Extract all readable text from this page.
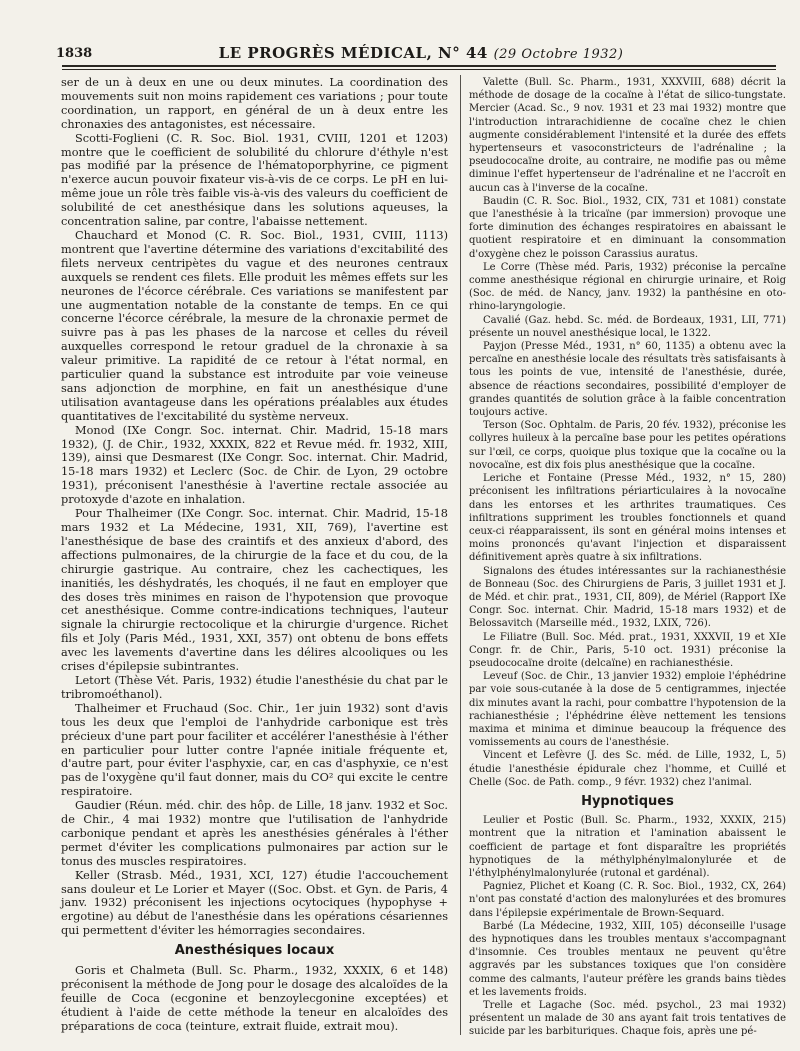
1838	LE PROGRÈS MÉDICAL, N° 44 (29 Octobre 1932)

ser de un à deux en une ou deux minutes. La coordination des mouvements suit non moins rapidement ces variations ; pour toute coordination, un rapport, en général de un à deux entre les chronaxies des antagonistes, est nécessaire.

Scotti-Foglieni (C. R. Soc. Biol. 1931, CVIII, 1201 et 1203) montre que le coefficient de solubilité du chlorure d'éthyle n'est pas modifié par la présence de l'hématoporphyrine, ce pigment n'exerce aucun pouvoir fixateur vis-à-vis de ce corps. Le pH en lui-même joue un rôle très faible vis-à-vis des valeurs du coefficient de solubilité de cet anesthésique dans les solutions aqueuses, la concentration saline, par contre, l'abaisse nettement.

Chauchard et Monod (C. R. Soc. Biol., 1931, CVIII, 1113) montrent que l'avertine détermine des variations d'excitabilité des filets nerveux centripètes du vague et des neurones centraux auxquels se rendent ces filets. Elle produit les mêmes effets sur les neurones de l'écorce cérébrale. Ces variations se manifestent par une augmentation notable de la constante de temps. En ce qui concerne l'écorce cérébrale, la mesure de la chronaxie permet de suivre pas à pas les phases de la narcose et celles du réveil auxquelles correspond le retour graduel de la chronaxie à sa valeur primitive. La rapidité de ce retour à l'état normal, en particulier quand la substance est introduite par voie veineuse sans adjonction de morphine, en fait un anesthésique d'une utilisation avantageuse dans les opérations préalables aux études quantitatives de l'excitabilité du système nerveux.

Monod (IXe Congr. Soc. internat. Chir. Madrid, 15-18 mars 1932), (J. de Chir., 1932, XXXIX, 822 et Revue méd. fr. 1932, XIII, 139), ainsi que Desmarest (IXe Congr. Soc. internat. Chir. Madrid, 15-18 mars 1932) et Leclerc (Soc. de Chir. de Lyon, 29 octobre 1931), préconisent l'anesthésie à l'avertine rectale associée au protoxyde d'azote en inhalation.

Pour Thalheimer (IXe Congr. Soc. internat. Chir. Madrid, 15-18 mars 1932 et La Médecine, 1931, XII, 769), l'avertine est l'anesthésique de base des craintifs et des anxieux d'abord, des affections pulmonaires, de la chirurgie de la face et du cou, de la chirurgie gastrique. Au contraire, chez les cachectiques, les inanitiés, les déshydratés, les choqués, il ne faut en employer que des doses très minimes en raison de l'hypotension que provoque cet anesthésique. Comme contre-indications techniques, l'auteur signale la chirurgie rectocolique et la chirurgie d'urgence. Richet fils et Joly (Paris Méd., 1931, XXI, 357) ont obtenu de bons effets avec les lavements d'avertine dans les délires alcooliques ou les crises d'épilepsie subintrantes.

Letort (Thèse Vét. Paris, 1932) étudie l'anesthésie du chat par le tribromoéthanol).

Thalheimer et Fruchaud (Soc. Chir., 1er juin 1932) sont d'avis tous les deux que l'emploi de l'anhydride carbonique est très précieux d'une part pour faciliter et accélérer l'anesthésie à l'éther en particulier pour lutter contre l'apnée initiale fréquente et, d'autre part, pour éviter l'asphyxie, car, en cas d'asphyxie, ce n'est pas de l'oxygène qu'il faut donner, mais du CO² qui excite le centre respiratoire.

Gaudier (Réun. méd. chir. des hôp. de Lille, 18 janv. 1932 et Soc. de Chir., 4 mai 1932) montre que l'utilisation de l'anhydride carbonique pendant et après les anesthésies générales à l'éther permet d'éviter les complications pulmonaires par action sur le tonus des muscles respiratoires.

Keller (Strasb. Méd., 1931, XCI, 127) étudie l'accouchement sans douleur et Le Lorier et Mayer ((Soc. Obst. et Gyn. de Paris, 4 janv. 1932) préconisent les injections ocytociques (hypophyse + ergotine) au début de l'anesthésie dans les opérations césariennes qui permettent d'éviter les hémorragies secondaires.

Anesthésiques locaux

Goris et Chalmeta (Bull. Sc. Pharm., 1932, XXXIX, 6 et 148) préconisent la méthode de Jong pour le dosage des alcaloïdes de la feuille de Coca (ecgonine et benzoylecgonine exceptées) et étudient à l'aide de cette méthode la teneur en alcaloïdes des préparations de coca (teinture, extrait fluide, extrait mou).

Valette (Bull. Sc. Pharm., 1931, XXXVIII, 688) décrit la méthode de dosage de la cocaïne à l'état de silico-tungstate. Mercier (Acad. Sc., 9 nov. 1931 et 23 mai 1932) montre que l'introduction intrarachidienne de cocaïne chez le chien augmente considérablement l'intensité et la durée des effets hypertenseurs et vasoconstricteurs de l'adrénaline ; la pseudococaïne droite, au contraire, ne modifie pas ou même diminue l'effet hypertenseur de l'adrénaline et ne l'accroît en aucun cas à l'inverse de la cocaïne.

Baudin (C. R. Soc. Biol., 1932, CIX, 731 et 1081) constate que l'anesthésie à la tricaïne (par immersion) provoque une forte diminution des échanges respiratoires en abaissant le quotient respiratoire et en diminuant la consommation d'oxygène chez le poisson Carassius auratus.

Le Corre (Thèse méd. Paris, 1932) préconise la percaïne comme anesthésique régional en chirurgie urinaire, et Roig (Soc. de méd. de Nancy, janv. 1932) la panthésine en oto-rhino-laryngologie.

Cavalié (Gaz. hebd. Sc. méd. de Bordeaux, 1931, LII, 771) présente un nouvel anesthésique local, le 1322.

Payjon (Presse Méd., 1931, n° 60, 1135) a obtenu avec la percaïne en anesthésie locale des résultats très satisfaisants à tous les points de vue, intensité de l'anesthésie, durée, absence de réactions secondaires, possibilité d'employer de grandes quantités de solution grâce à la faible concentration toujours active.

Terson (Soc. Ophtalm. de Paris, 20 fév. 1932), préconise les collyres huileux à la percaïne base pour les petites opérations sur l'œil, ce corps, quoique plus toxique que la cocaïne ou la novocaïne, est dix fois plus anesthésique que la cocaïne.

Leriche et Fontaine (Presse Méd., 1932, n° 15, 280) préconisent les infiltrations périarticulaires à la novocaïne dans les entorses et les arthrites traumatiques. Ces infiltrations suppriment les troubles fonctionnels et quand ceux-ci réapparaissent, ils sont en général moins intenses et moins prononcés qu'avant l'injection et disparaissent définitivement après quatre à six infiltrations.

Signalons des études intéressantes sur la rachianesthésie de Bonneau (Soc. des Chirurgiens de Paris, 3 juillet 1931 et J. de Méd. et chir. prat., 1931, CII, 809), de Mériel (Rapport IXe Congr. Soc. internat. Chir. Madrid, 15-18 mars 1932) et de Belossavitch (Marseille méd., 1932, LXIX, 726).

Le Filiatre (Bull. Soc. Méd. prat., 1931, XXXVII, 19 et XIe Congr. fr. de Chir., Paris, 5-10 oct. 1931) préconise la pseudococaïne droite (delcaïne) en rachianesthésie.

Leveuf (Soc. de Chir., 13 janvier 1932) emploie l'éphédrine par voie sous-cutanée à la dose de 5 centigrammes, injectée dix minutes avant la rachi, pour combattre l'hypotension de la rachianesthésie ; l'éphédrine élève nettement les tensions maxima et minima et diminue beaucoup la fréquence des vomissements au cours de l'anesthésie.

Vincent et Lefèvre (J. des Sc. méd. de Lille, 1932, L, 5) étudie l'anesthésie épidurale chez l'homme, et Cuillé et Chelle (Soc. de Path. comp., 9 févr. 1932) chez l'animal.

Hypnotiques

Leulier et Postic (Bull. Sc. Pharm., 1932, XXXIX, 215) montrent que la nitration et l'amination abaissent le coefficient de partage et font disparaître les propriétés hypnotiques de la méthylphénylmalonylurée et de l'éthylphénylmalonylurée (rutonal et gardénal).

Pagniez, Plichet et Koang (C. R. Soc. Biol., 1932, CX, 264) n'ont pas constaté d'action des malonylurées et des bromures dans l'épilepsie expérimentale de Brown-Sequard.

Barbé (La Médecine, 1932, XIII, 105) déconseille l'usage des hypnotiques dans les troubles mentaux s'accompagnant d'insomnie. Ces troubles mentaux ne peuvent qu'être aggravés par les substances toxiques que l'on considère comme des calmants, l'auteur préfère les grands bains tièdes et les lavements froids.

Trelle et Lagache (Soc. méd. psychol., 23 mai 1932) présentent un malade de 30 ans ayant fait trois tentatives de suicide par les barbituriques. Chaque fois, après une pé-
